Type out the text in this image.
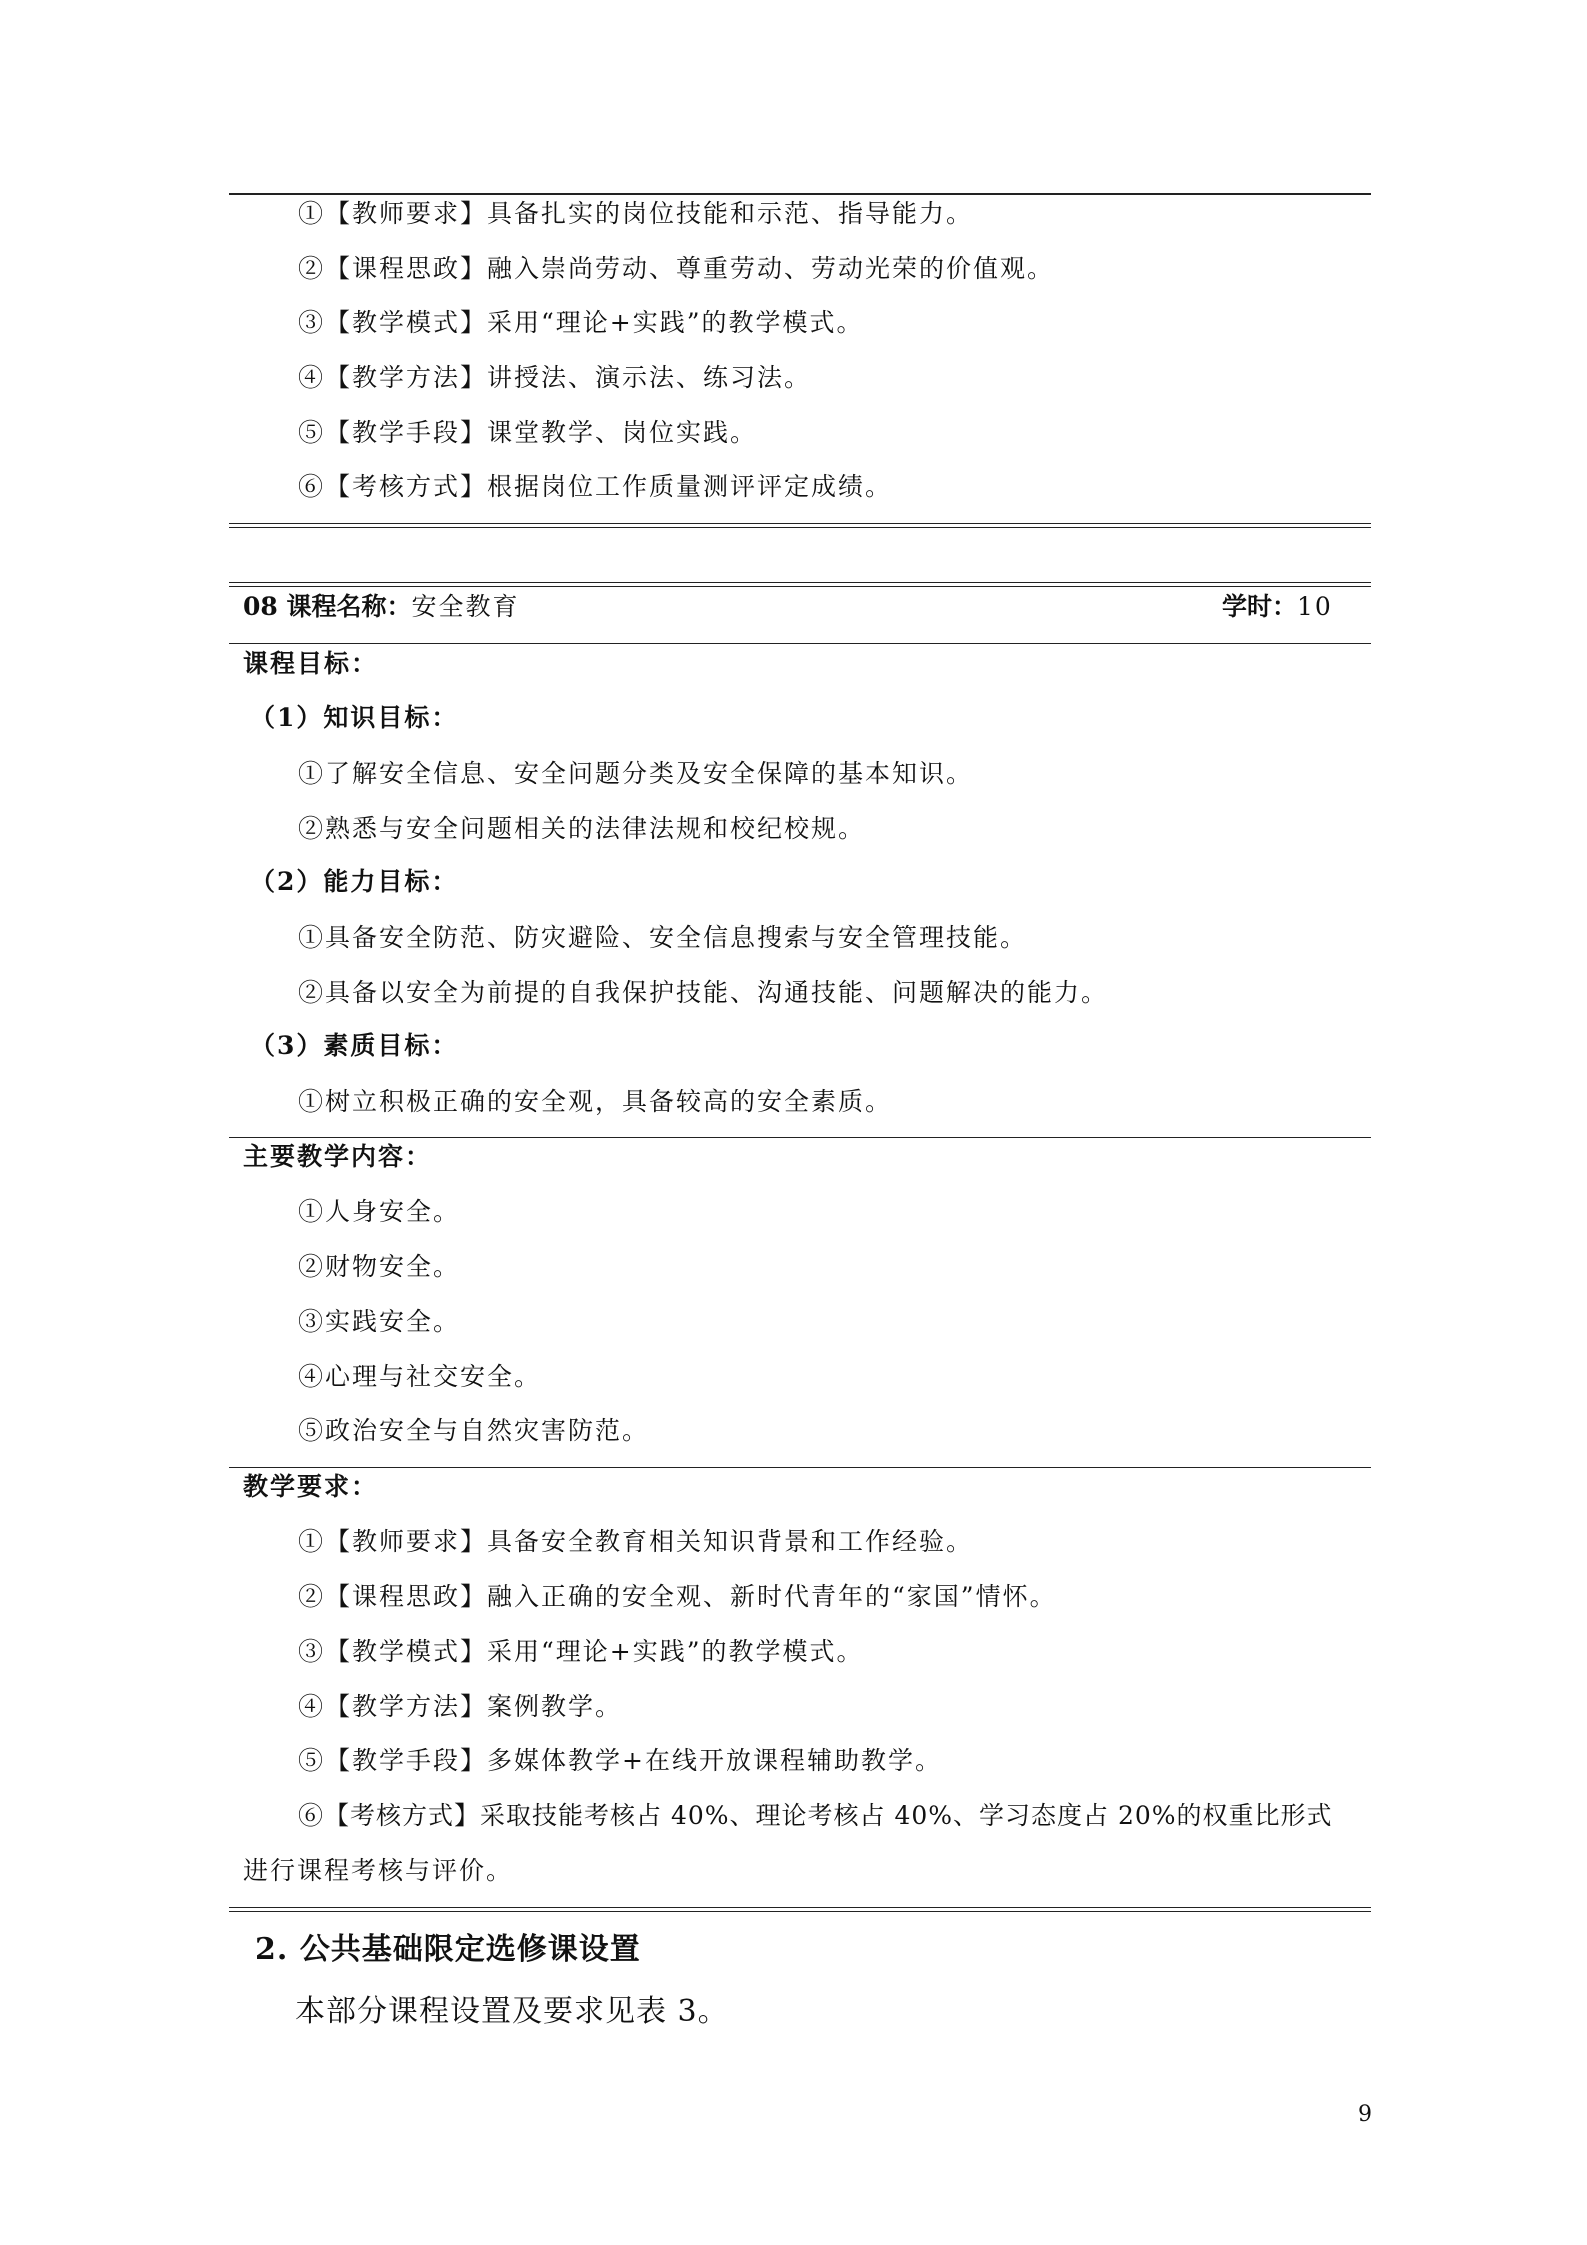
①【教师要求】具备扎实的岗位技能和示范、指导能力。
②【课程思政】融入崇尚劳动、尊重劳动、劳动光荣的价值观。
③【教学模式】采用“理论+实践”的教学模式。
④【教学方法】讲授法、演示法、练习法。
⑤【教学手段】课堂教学、岗位实践。
⑥【考核方式】根据岗位工作质量测评评定成绩。
08 课程名称：安全教育	学时：10
课程目标：
（1）知识目标：
①了解安全信息、安全问题分类及安全保障的基本知识。
②熟悉与安全问题相关的法律法规和校纪校规。
（2）能力目标：
①具备安全防范、防灾避险、安全信息搜索与安全管理技能。
②具备以安全为前提的自我保护技能、沟通技能、问题解决的能力。
（3）素质目标：
①树立积极正确的安全观，具备较高的安全素质。
主要教学内容：
①人身安全。
②财物安全。
③实践安全。
④心理与社交安全。
⑤政治安全与自然灾害防范。
教学要求：
①【教师要求】具备安全教育相关知识背景和工作经验。
②【课程思政】融入正确的安全观、新时代青年的“家国”情怀。
③【教学模式】采用“理论+实践”的教学模式。
④【教学方法】案例教学。
⑤【教学手段】多媒体教学+在线开放课程辅助教学。
⑥【考核方式】采取技能考核占 40%、理论考核占 40%、学习态度占 20%的权重比形式
进行课程考核与评价。
2. 公共基础限定选修课设置
本部分课程设置及要求见表 3。
9
